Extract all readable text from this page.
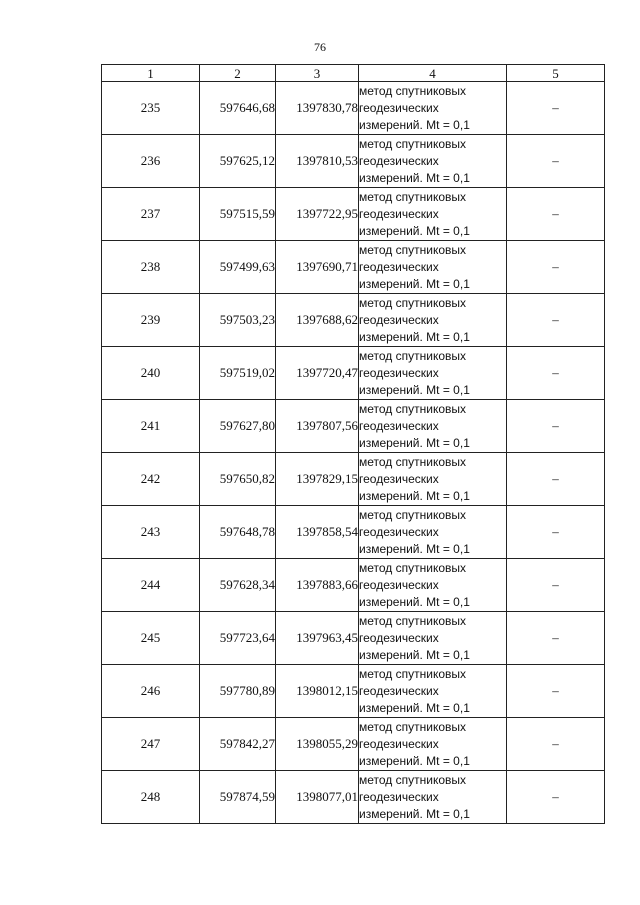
76
1	2	3	4	5
235	597646,68	1397830,78	метод спутниковых
геодезических
измерений. Mt = 0,1	–
236	597625,12	1397810,53	метод спутниковых
геодезических
измерений. Mt = 0,1	–
237	597515,59	1397722,95	метод спутниковых
геодезических
измерений. Mt = 0,1	–
238	597499,63	1397690,71	метод спутниковых
геодезических
измерений. Mt = 0,1	–
239	597503,23	1397688,62	метод спутниковых
геодезических
измерений. Mt = 0,1	–
240	597519,02	1397720,47	метод спутниковых
геодезических
измерений. Mt = 0,1	–
241	597627,80	1397807,56	метод спутниковых
геодезических
измерений. Mt = 0,1	–
242	597650,82	1397829,15	метод спутниковых
геодезических
измерений. Mt = 0,1	–
243	597648,78	1397858,54	метод спутниковых
геодезических
измерений. Mt = 0,1	–
244	597628,34	1397883,66	метод спутниковых
геодезических
измерений. Mt = 0,1	–
245	597723,64	1397963,45	метод спутниковых
геодезических
измерений. Mt = 0,1	–
246	597780,89	1398012,15	метод спутниковых
геодезических
измерений. Mt = 0,1	–
247	597842,27	1398055,29	метод спутниковых
геодезических
измерений. Mt = 0,1	–
248	597874,59	1398077,01	метод спутниковых
геодезических
измерений. Mt = 0,1	–
